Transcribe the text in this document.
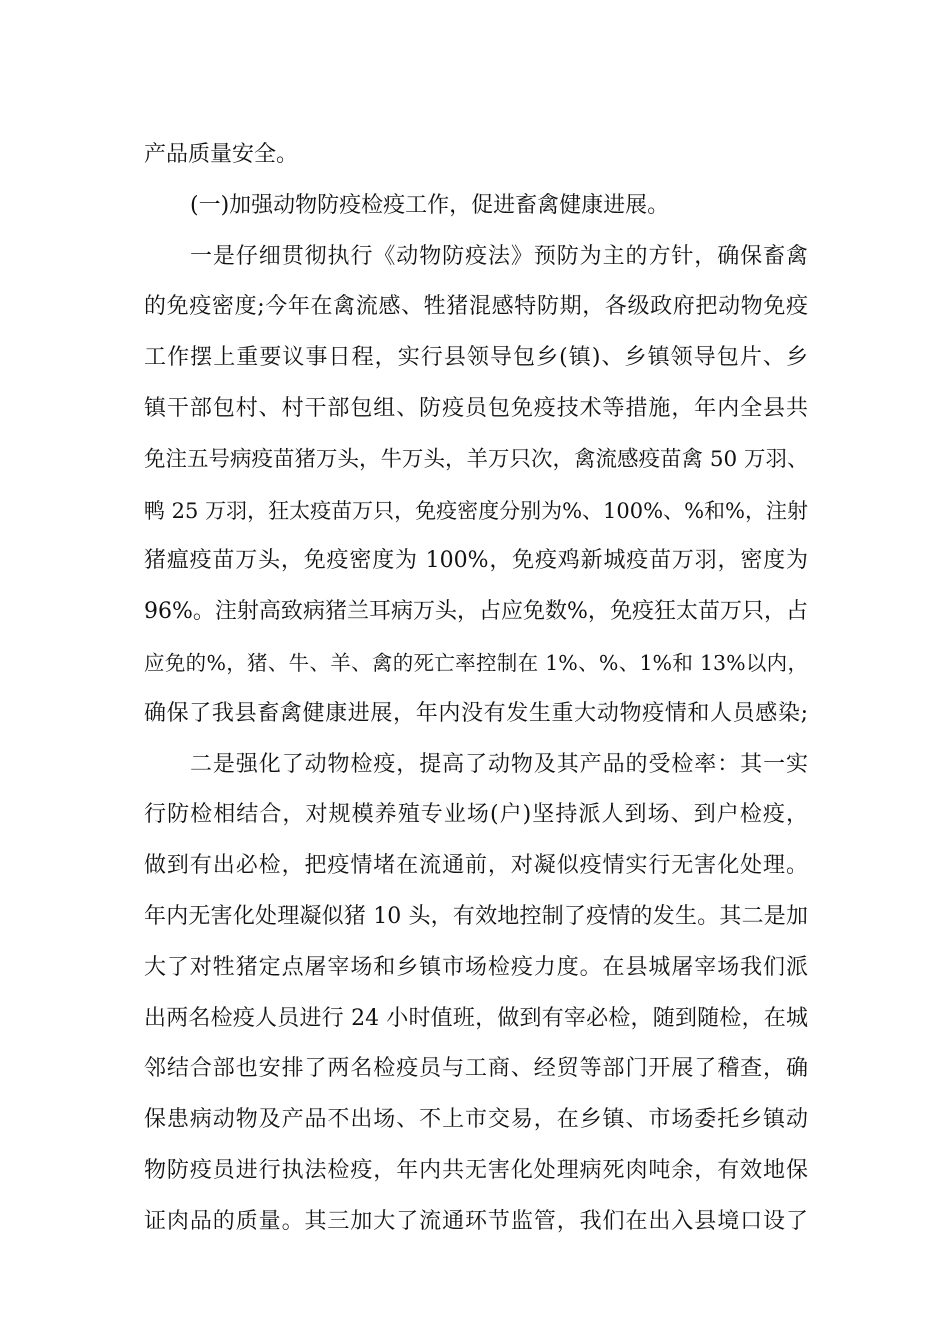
产品质量安全。
(一)加强动物防疫检疫工作，促进畜禽健康进展。
一是仔细贯彻执行《动物防疫法》预防为主的方针，确保畜禽
的免疫密度;今年在禽流感、牲猪混感特防期，各级政府把动物免疫
工作摆上重要议事日程，实行县领导包乡(镇)、乡镇领导包片、乡
镇干部包村、村干部包组、防疫员包免疫技术等措施，年内全县共
免注五号病疫苗猪万头，牛万头，羊万只次，禽流感疫苗禽 50 万羽、
鸭 25 万羽，狂太疫苗万只，免疫密度分别为%、100%、%和%，注射
猪瘟疫苗万头，免疫密度为 100%，免疫鸡新城疫苗万羽，密度为
96%。注射高致病猪兰耳病万头，占应免数%，免疫狂太苗万只，占
应免的%，猪、牛、羊、禽的死亡率控制在 1%、%、1%和 13%以内，
确保了我县畜禽健康进展，年内没有发生重大动物疫情和人员感染;
二是强化了动物检疫，提高了动物及其产品的受检率：其一实
行防检相结合，对规模养殖专业场(户)坚持派人到场、到户检疫，
做到有出必检，把疫情堵在流通前，对凝似疫情实行无害化处理。
年内无害化处理凝似猪 10 头，有效地控制了疫情的发生。其二是加
大了对牲猪定点屠宰场和乡镇市场检疫力度。在县城屠宰场我们派
出两名检疫人员进行 24 小时值班，做到有宰必检，随到随检，在城
邻结合部也安排了两名检疫员与工商、经贸等部门开展了稽查，确
保患病动物及产品不出场、不上市交易，在乡镇、市场委托乡镇动
物防疫员进行执法检疫，年内共无害化处理病死肉吨余，有效地保
证肉品的质量。其三加大了流通环节监管，我们在出入县境口设了
